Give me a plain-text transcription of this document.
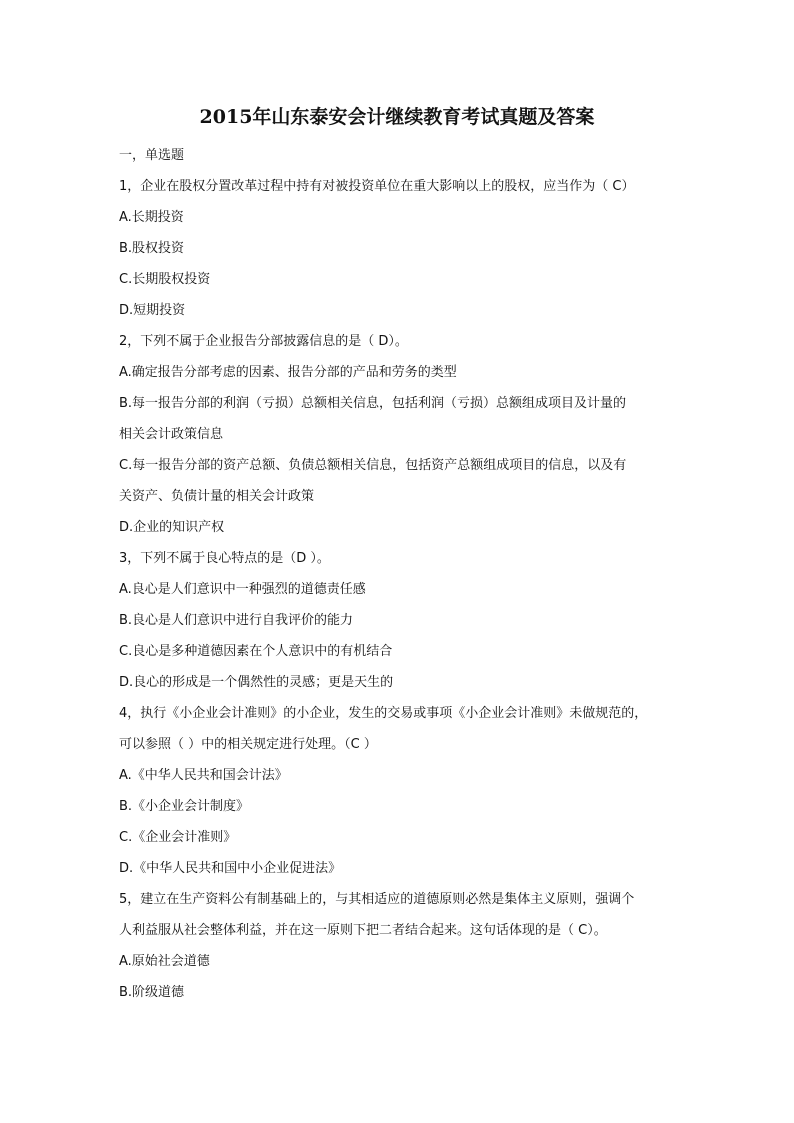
2015年山东泰安会计继续教育考试真题及答案
一，单选题
1，企业在股权分置改革过程中持有对被投资单位在重大影响以上的股权，应当作为（ C）
A.长期投资
B.股权投资
C.长期股权投资
D.短期投资
2，下列不属于企业报告分部披露信息的是（ D）。
A.确定报告分部考虑的因素、报告分部的产品和劳务的类型
B.每一报告分部的利润（亏损）总额相关信息，包括利润（亏损）总额组成项目及计量的
相关会计政策信息
C.每一报告分部的资产总额、负债总额相关信息，包括资产总额组成项目的信息，以及有
关资产、负债计量的相关会计政策
D.企业的知识产权
3，下列不属于良心特点的是（D ）。
A.良心是人们意识中一种强烈的道德责任感
B.良心是人们意识中进行自我评价的能力
C.良心是多种道德因素在个人意识中的有机结合
D.良心的形成是一个偶然性的灵感；更是天生的
4，执行《小企业会计准则》的小企业，发生的交易或事项《小企业会计准则》未做规范的，
可以参照（ ）中的相关规定进行处理。（C ）
A.《中华人民共和国会计法》
B.《小企业会计制度》
C.《企业会计准则》
D.《中华人民共和国中小企业促进法》
5，建立在生产资料公有制基础上的，与其相适应的道德原则必然是集体主义原则，强调个
人利益服从社会整体利益，并在这一原则下把二者结合起来。这句话体现的是（ C）。
A.原始社会道德
B.阶级道德
